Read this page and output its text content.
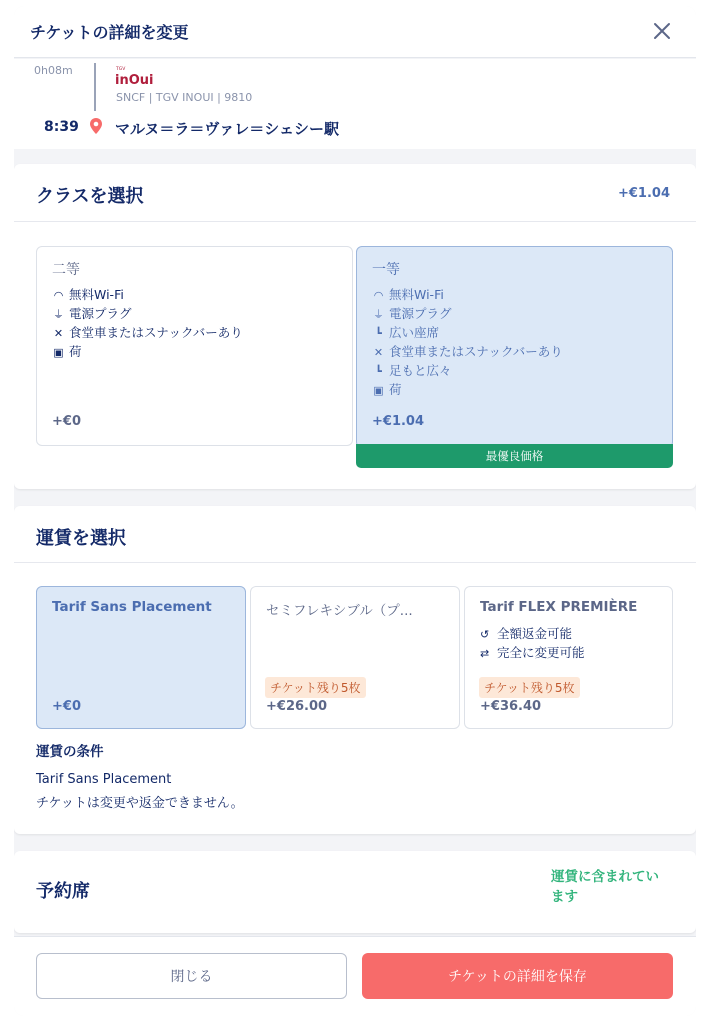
チケットの詳細を変更
0h08m	TGV
inOui
SNCF | TGV INOUI | 9810
8:39 マルヌ＝ラ＝ヴァレ＝シェシー駅
クラスを選択	+€1.04
二等
◠ 無料Wi-Fi
⏚ 電源プラグ
✕ 食堂車またはスナックバーあり
▣ 荷
+€0
一等
◠ 無料Wi-Fi
⏚ 電源プラグ
┗ 広い座席
✕ 食堂車またはスナックバーあり
┗ 足もと広々
▣ 荷
+€1.04
最優良価格
運賃を選択
Tarif Sans Placement
+€0
セミフレキシブル（プ...
チケット残り5枚
+€26.00
Tarif FLEX PREMIÈRE
↺ 全額返金可能
⇄ 完全に変更可能
チケット残り5枚
+€36.40
運賃の条件
Tarif Sans Placement
チケットは変更や返金できません。
予約席
運賃に含まれてい
ます
閉じる	チケットの詳細を保存
